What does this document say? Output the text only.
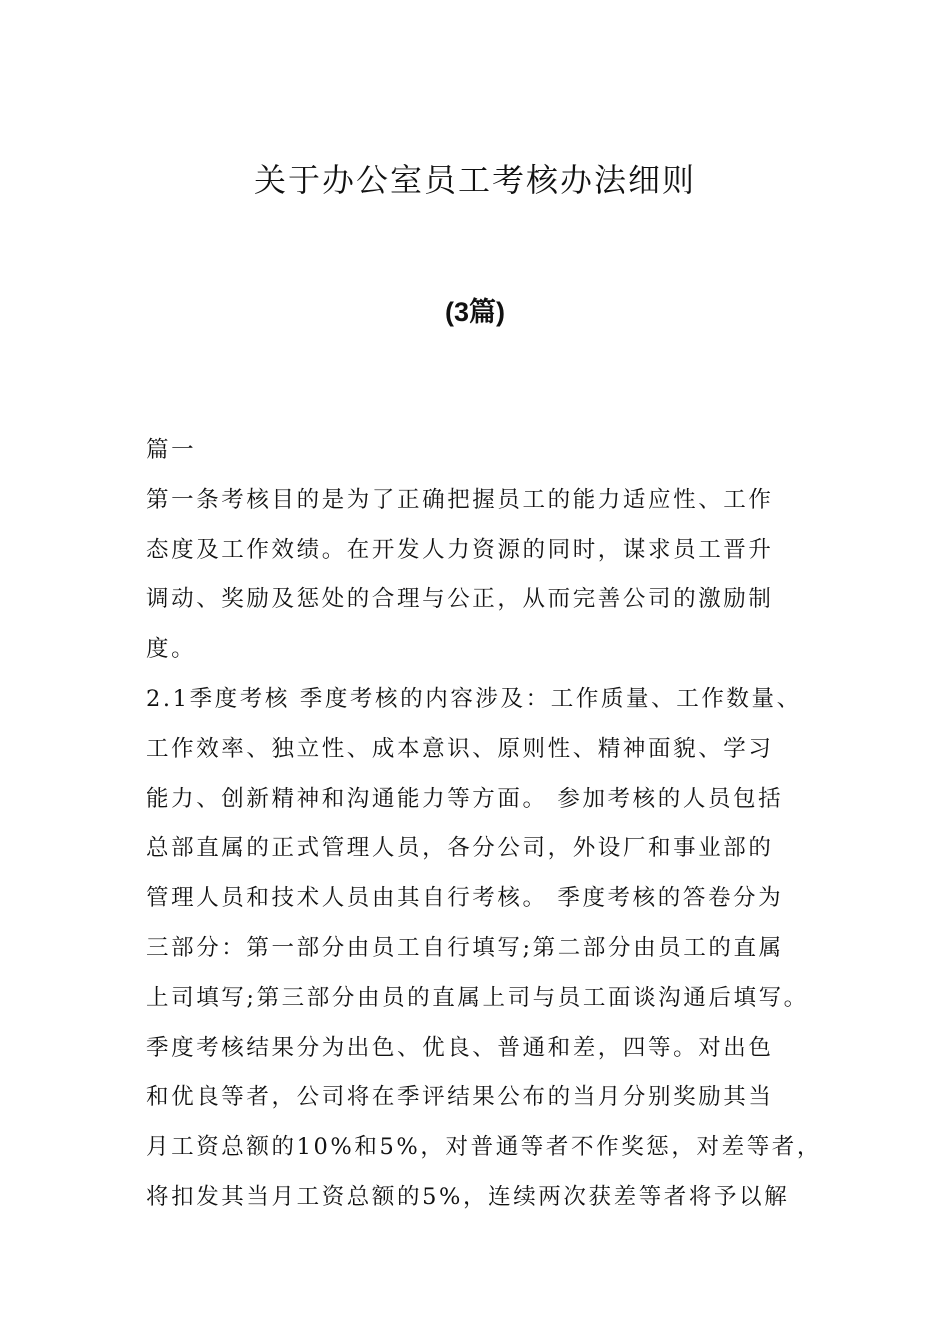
关于办公室员工考核办法细则
(3篇)
篇一
第一条考核目的是为了正确把握员工的能力适应性、工作
态度及工作效绩。在开发人力资源的同时，谋求员工晋升
调动、奖励及惩处的合理与公正，从而完善公司的激励制
度。
2.1季度考核 季度考核的内容涉及：工作质量、工作数量、
工作效率、独立性、成本意识、原则性、精神面貌、学习
能力、创新精神和沟通能力等方面。 参加考核的人员包括
总部直属的正式管理人员，各分公司，外设厂和事业部的
管理人员和技术人员由其自行考核。 季度考核的答卷分为
三部分：第一部分由员工自行填写;第二部分由员工的直属
上司填写;第三部分由员的直属上司与员工面谈沟通后填写。
季度考核结果分为出色、优良、普通和差，四等。对出色
和优良等者，公司将在季评结果公布的当月分别奖励其当
月工资总额的10%和5%，对普通等者不作奖惩，对差等者，
将扣发其当月工资总额的5%，连续两次获差等者将予以解
